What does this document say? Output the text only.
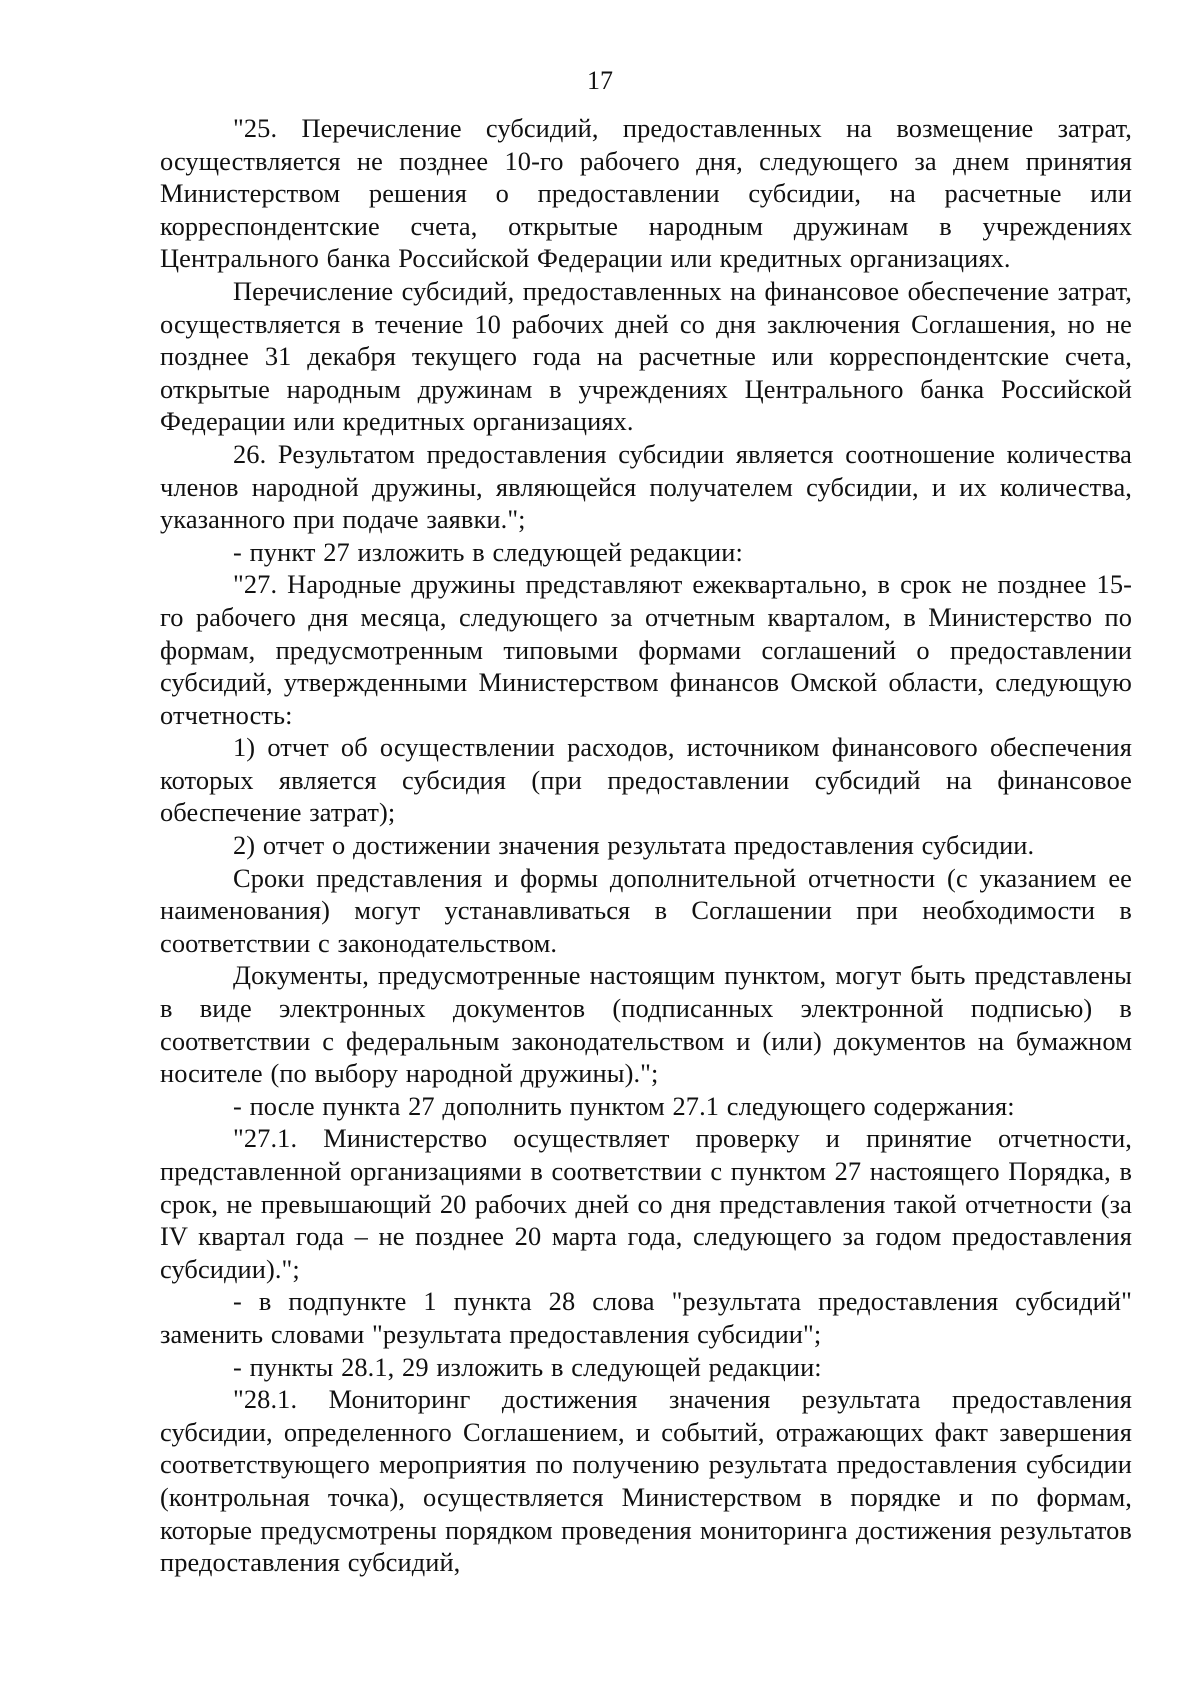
17

"25. Перечисление субсидий, предоставленных на возмещение затрат, осуществляется не позднее 10-го рабочего дня, следующего за днем принятия Министерством решения о предоставлении субсидии, на расчетные или корреспондентские счета, открытые народным дружинам в учреждениях Центрального банка Российской Федерации или кредитных организациях.

Перечисление субсидий, предоставленных на финансовое обеспечение затрат, осуществляется в течение 10 рабочих дней со дня заключения Соглашения, но не позднее 31 декабря текущего года на расчетные или корреспондентские счета, открытые народным дружинам в учреждениях Центрального банка Российской Федерации или кредитных организациях.

26. Результатом предоставления субсидии является соотношение количества членов народной дружины, являющейся получателем субсидии, и их количества, указанного при подаче заявки.";

- пункт 27 изложить в следующей редакции:

"27. Народные дружины представляют ежеквартально, в срок не позднее 15-го рабочего дня месяца, следующего за отчетным кварталом, в Министерство по формам, предусмотренным типовыми формами соглашений о предоставлении субсидий, утвержденными Министерством финансов Омской области, следующую отчетность:

1) отчет об осуществлении расходов, источником финансового обеспечения которых является субсидия (при предоставлении субсидий на финансовое обеспечение затрат);

2) отчет о достижении значения результата предоставления субсидии.

Сроки представления и формы дополнительной отчетности (с указанием ее наименования) могут устанавливаться в Соглашении при необходимости в соответствии с законодательством.

Документы, предусмотренные настоящим пунктом, могут быть представлены в виде электронных документов (подписанных электронной подписью) в соответствии с федеральным законодательством и (или) документов на бумажном носителе (по выбору народной дружины).";

- после пункта 27 дополнить пунктом 27.1 следующего содержания:

"27.1. Министерство осуществляет проверку и принятие отчетности, представленной организациями в соответствии с пунктом 27 настоящего Порядка, в срок, не превышающий 20 рабочих дней со дня представления такой отчетности (за IV квартал года – не позднее 20 марта года, следующего за годом предоставления субсидии).";

- в подпункте 1 пункта 28 слова "результата предоставления субсидий" заменить словами "результата предоставления субсидии";

- пункты 28.1, 29 изложить в следующей редакции:

"28.1. Мониторинг достижения значения результата предоставления субсидии, определенного Соглашением, и событий, отражающих факт завершения соответствующего мероприятия по получению результата предоставления субсидии (контрольная точка), осуществляется Министерством в порядке и по формам, которые предусмотрены порядком проведения мониторинга достижения результатов предоставления субсидий,
